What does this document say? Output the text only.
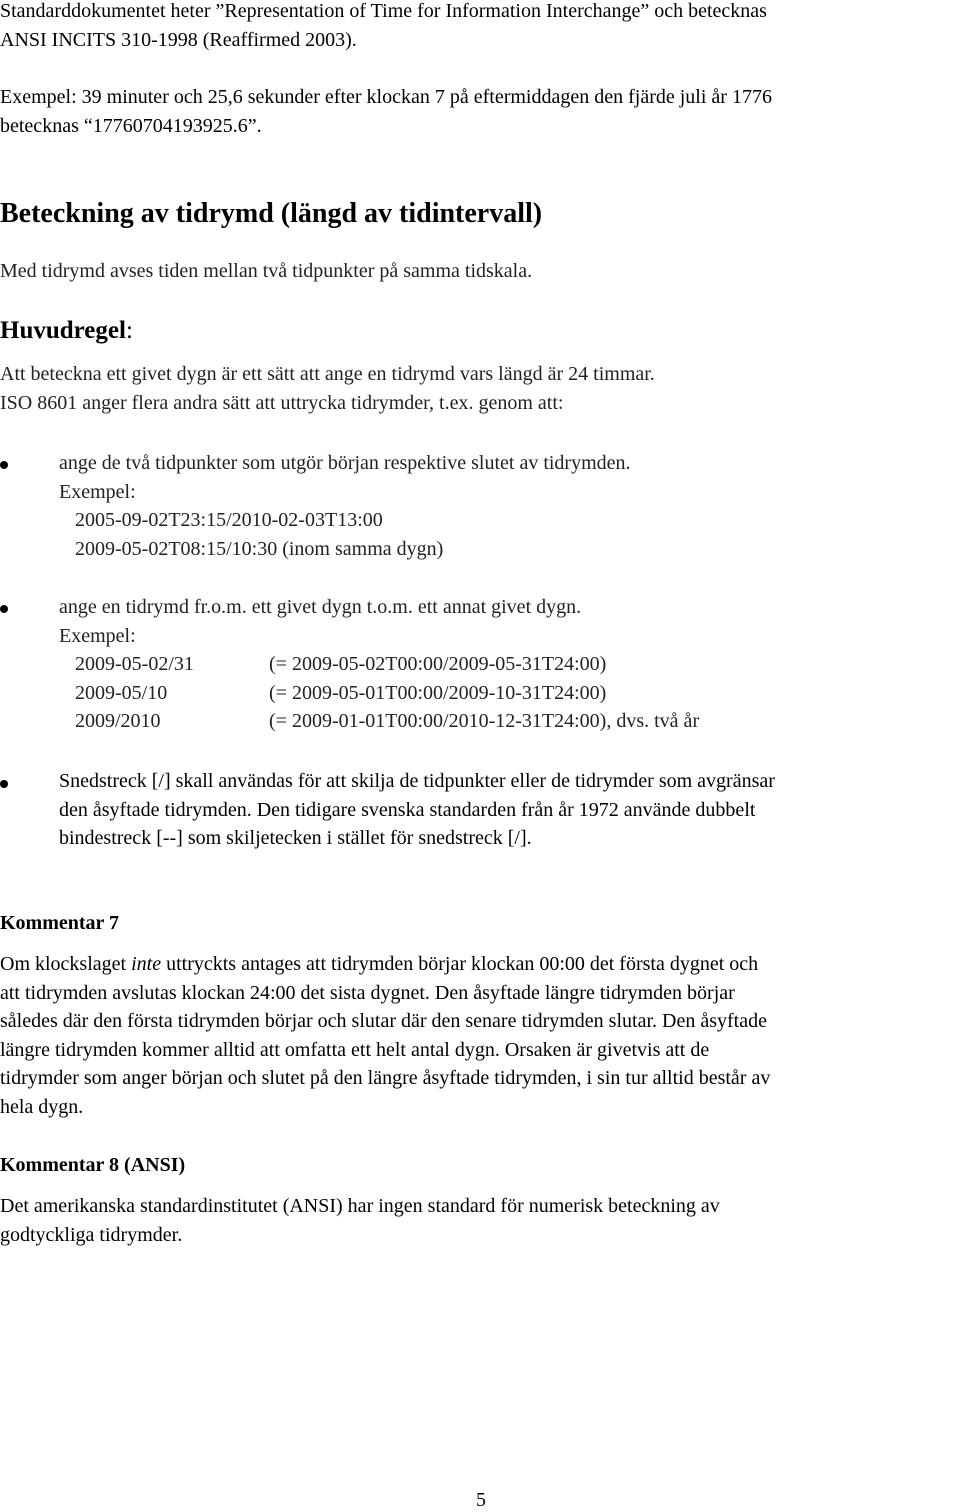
Standarddokumentet heter ”Representation of Time for Information Interchange” och betecknas

ANSI INCITS 310-1998 (Reaffirmed 2003).

Exempel: 39 minuter och 25,6 sekunder efter klockan 7 på eftermiddagen den fjärde juli år 1776

betecknas “17760704193925.6”.

Beteckning av tidrymd (längd av tidintervall)
Med tidrymd avses tiden mellan två tidpunkter på samma tidskala.
Huvudregel:

Att beteckna ett givet dygn är ett sätt att ange en tidrymd vars längd är 24 timmar.

ISO 8601 anger flera andra sätt att uttrycka tidrymder, t.ex. genom att:

ange de två tidpunkter som utgör början respektive slutet av tidrymden.

Exempel:

2005-09-02T23:15/2010-02-03T13:00

2009-05-02T08:15/10:30 (inom samma dygn)

ange en tidrymd fr.o.m. ett givet dygn t.o.m. ett annat givet dygn.

Exempel:

2009-05-02/31	(= 2009-05-02T00:00/2009-05-31T24:00)
2009-05/10	(= 2009-05-01T00:00/2009-10-31T24:00)
2009/2010	(= 2009-01-01T00:00/2010-12-31T24:00), dvs. två år

Snedstreck [/] skall användas för att skilja de tidpunkter eller de tidrymder som avgränsar

den åsyftade tidrymden. Den tidigare svenska standarden från år 1972 använde dubbelt

bindestreck [--] som skiljetecken i stället för snedstreck [/].

Kommentar 7

Om klockslaget inte uttryckts antages att tidrymden börjar klockan 00:00 det första dygnet och

att tidrymden avslutas klockan 24:00 det sista dygnet. Den åsyftade längre tidrymden börjar

således där den första tidrymden börjar och slutar där den senare tidrymden slutar. Den åsyftade

längre tidrymden kommer alltid att omfatta ett helt antal dygn. Orsaken är givetvis att de

tidrymder som anger början och slutet på den längre åsyftade tidrymden, i sin tur alltid består av

hela dygn.

Kommentar 8 (ANSI)

Det amerikanska standardinstitutet (ANSI) har ingen standard för numerisk beteckning av

godtyckliga tidrymder.

5
